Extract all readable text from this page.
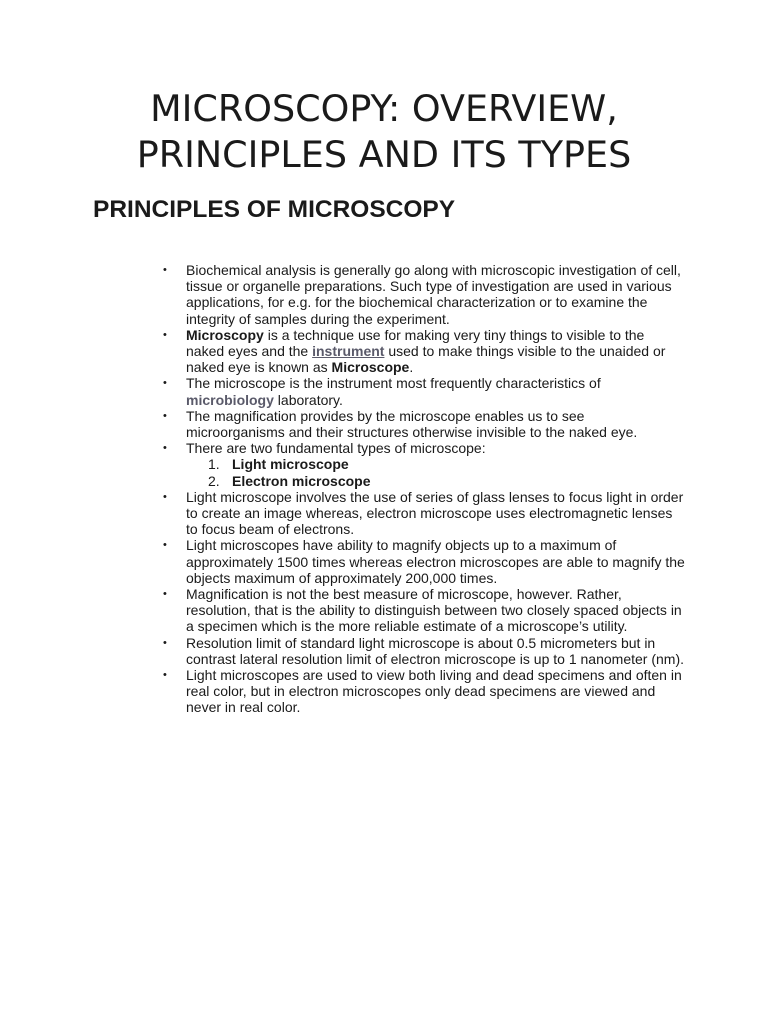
MICROSCOPY: OVERVIEW,
PRINCIPLES AND ITS TYPES
PRINCIPLES OF MICROSCOPY
• Biochemical analysis is generally go along with microscopic investigation of cell, tissue or organelle preparations. Such type of investigation are used in various applications, for e.g. for the biochemical characterization or to examine the integrity of samples during the experiment.
• Microscopy is a technique use for making very tiny things to visible to the naked eyes and the instrument used to make things visible to the unaided or naked eye is known as Microscope.
• The microscope is the instrument most frequently characteristics of microbiology laboratory.
• The magnification provides by the microscope enables us to see microorganisms and their structures otherwise invisible to the naked eye.
• There are two fundamental types of microscope:
1. Light microscope
2. Electron microscope
• Light microscope involves the use of series of glass lenses to focus light in order to create an image whereas, electron microscope uses electromagnetic lenses to focus beam of electrons.
• Light microscopes have ability to magnify objects up to a maximum of approximately 1500 times whereas electron microscopes are able to magnify the objects maximum of approximately 200,000 times.
• Magnification is not the best measure of microscope, however. Rather, resolution, that is the ability to distinguish between two closely spaced objects in a specimen which is the more reliable estimate of a microscope’s utility.
• Resolution limit of standard light microscope is about 0.5 micrometers but in contrast lateral resolution limit of electron microscope is up to 1 nanometer (nm).
• Light microscopes are used to view both living and dead specimens and often in real color, but in electron microscopes only dead specimens are viewed and never in real color.
